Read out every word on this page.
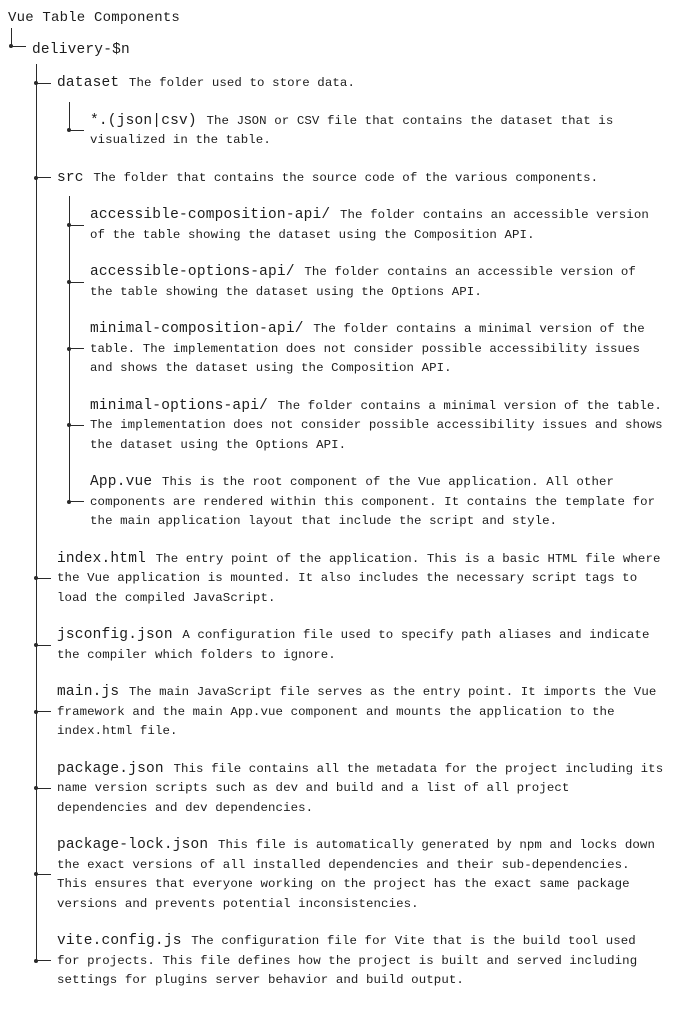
Vue Table Components
delivery-$n
dataset The folder used to store data.
*.(json|csv) The JSON or CSV file that contains the dataset that is visualized in the table.
src The folder that contains the source code of the various components.
accessible-composition-api/ The folder contains an accessible version of the table showing the dataset using the Composition API.
accessible-options-api/ The folder contains an accessible version of the table showing the dataset using the Options API.
minimal-composition-api/ The folder contains a minimal version of the table. The implementation does not consider possible accessibility issues and shows the dataset using the Composition API.
minimal-options-api/ The folder contains a minimal version of the table. The implementation does not consider possible accessibility issues and shows the dataset using the Options API.
App.vue This is the root component of the Vue application. All other components are rendered within this component. It contains the template for the main application layout that include the script and style.
index.html The entry point of the application. This is a basic HTML file where the Vue application is mounted. It also includes the necessary script tags to load the compiled JavaScript.
jsconfig.json A configuration file used to specify path aliases and indicate the compiler which folders to ignore.
main.js The main JavaScript file serves as the entry point. It imports the Vue framework and the main App.vue component and mounts the application to the index.html file.
package.json This file contains all the metadata for the project including its name version scripts such as dev and build and a list of all project dependencies and dev dependencies.
package-lock.json This file is automatically generated by npm and locks down the exact versions of all installed dependencies and their sub-dependencies. This ensures that everyone working on the project has the exact same package versions and prevents potential inconsistencies.
vite.config.js The configuration file for Vite that is the build tool used for projects. This file defines how the project is built and served including settings for plugins server behavior and build output.
